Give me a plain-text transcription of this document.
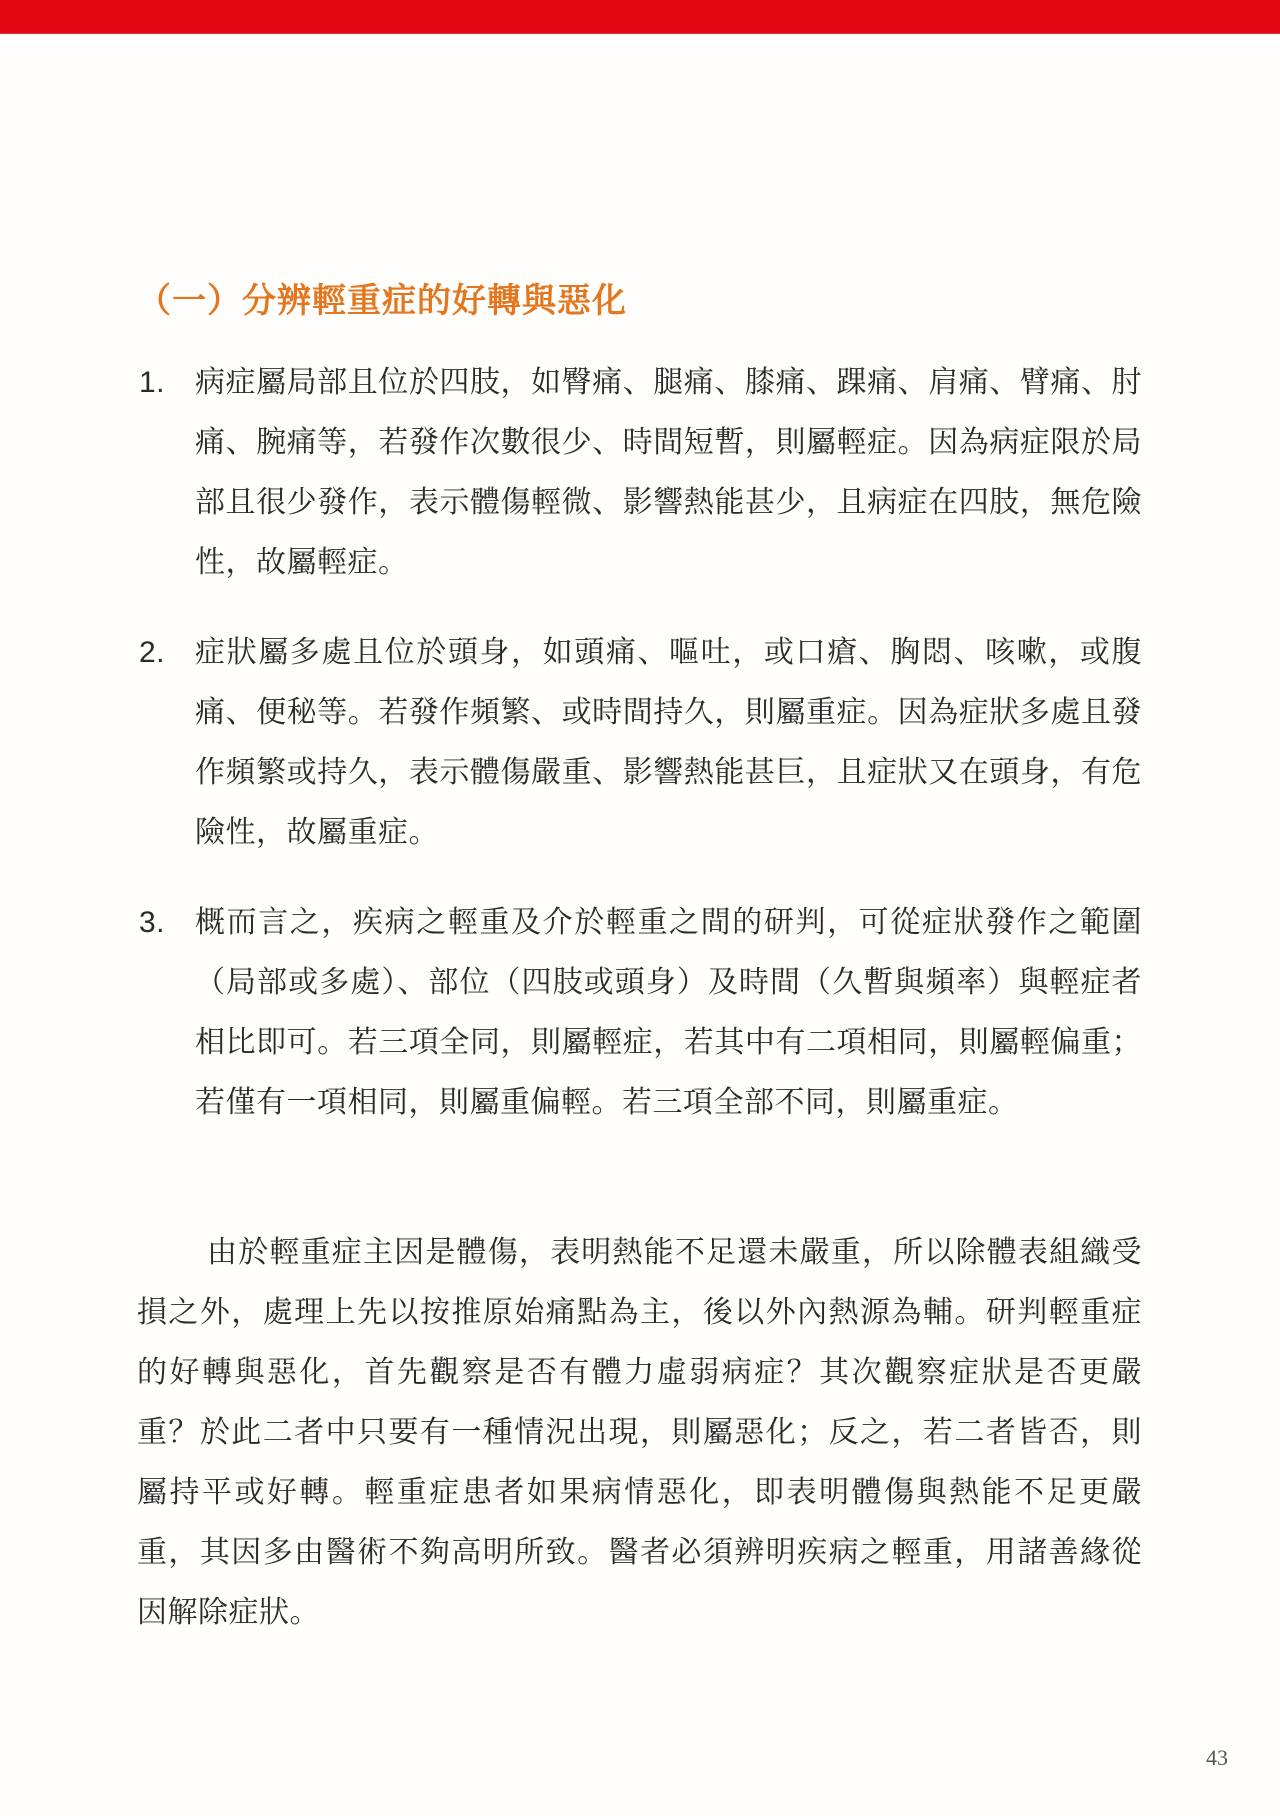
（一）分辨輕重症的好轉與惡化
1. 病症屬局部且位於四肢，如臀痛、腿痛、膝痛、踝痛、肩痛、臂痛、肘痛、腕痛等，若發作次數很少、時間短暫，則屬輕症。因為病症限於局部且很少發作，表示體傷輕微、影響熱能甚少，且病症在四肢，無危險性，故屬輕症。
2. 症狀屬多處且位於頭身，如頭痛、嘔吐，或口瘡、胸悶、咳嗽，或腹痛、便秘等。若發作頻繁、或時間持久，則屬重症。因為症狀多處且發作頻繁或持久，表示體傷嚴重、影響熱能甚巨，且症狀又在頭身，有危險性，故屬重症。
3. 概而言之，疾病之輕重及介於輕重之間的研判，可從症狀發作之範圍（局部或多處）、部位（四肢或頭身）及時間（久暫與頻率）與輕症者相比即可。若三項全同，則屬輕症，若其中有二項相同，則屬輕偏重；若僅有一項相同，則屬重偏輕。若三項全部不同，則屬重症。

由於輕重症主因是體傷，表明熱能不足還未嚴重，所以除體表組織受損之外，處理上先以按推原始痛點為主，後以外內熱源為輔。研判輕重症的好轉與惡化，首先觀察是否有體力虛弱病症？其次觀察症狀是否更嚴重？於此二者中只要有一種情況出現，則屬惡化；反之，若二者皆否，則屬持平或好轉。輕重症患者如果病情惡化，即表明體傷與熱能不足更嚴重，其因多由醫術不夠高明所致。醫者必須辨明疾病之輕重，用諸善緣從因解除症狀。

43
